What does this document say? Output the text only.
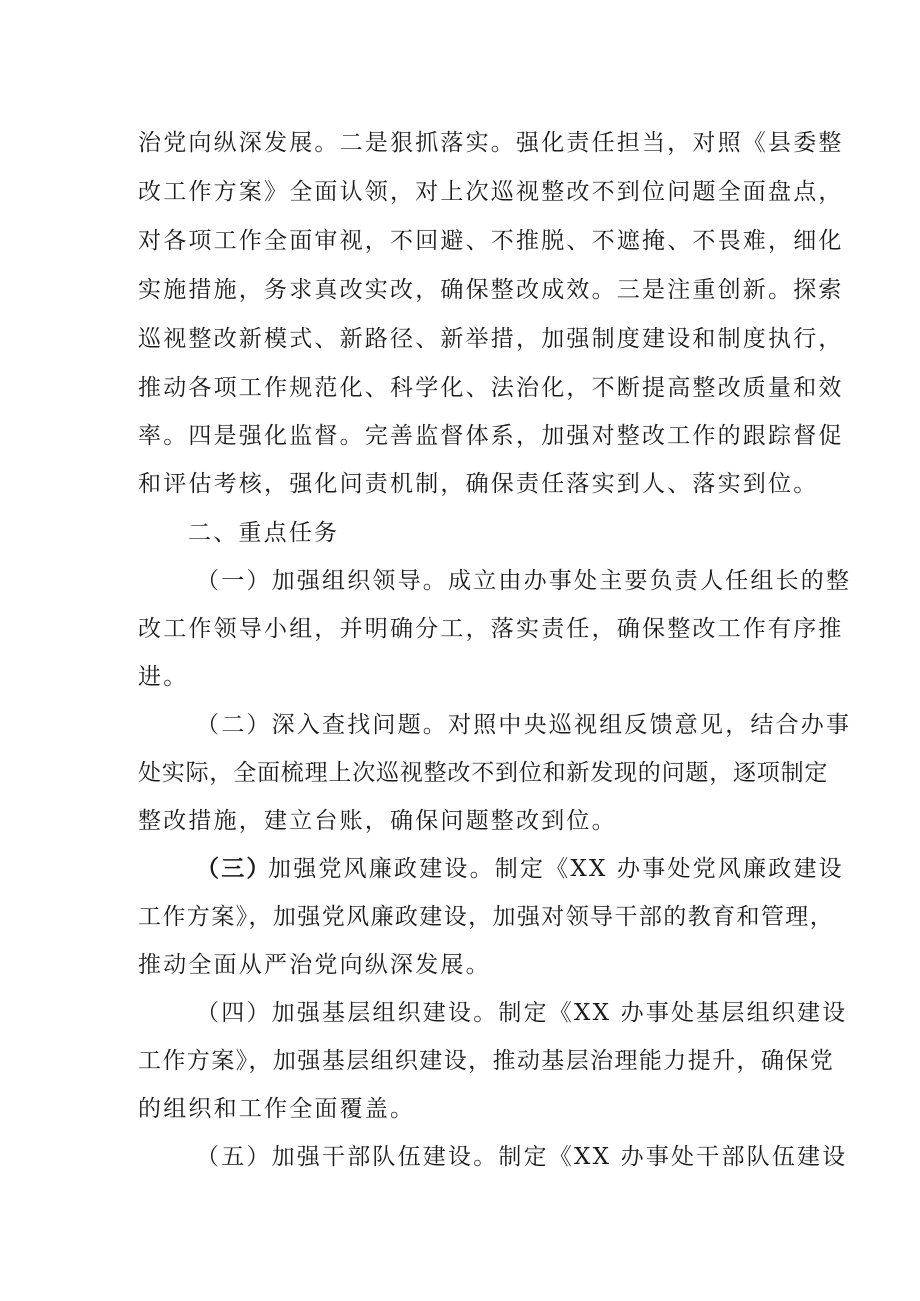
治党向纵深发展。二是狠抓落实。强化责任担当，对照《县委整
改工作方案》全面认领，对上次巡视整改不到位问题全面盘点，
对各项工作全面审视，不回避、不推脱、不遮掩、不畏难，细化
实施措施，务求真改实改，确保整改成效。三是注重创新。探索
巡视整改新模式、新路径、新举措，加强制度建设和制度执行，
推动各项工作规范化、科学化、法治化，不断提高整改质量和效
率。四是强化监督。完善监督体系，加强对整改工作的跟踪督促
和评估考核，强化问责机制，确保责任落实到人、落实到位。
二、重点任务
（一）加强组织领导。成立由办事处主要负责人任组长的整
改工作领导小组，并明确分工，落实责任，确保整改工作有序推
进。
（二）深入查找问题。对照中央巡视组反馈意见，结合办事
处实际，全面梳理上次巡视整改不到位和新发现的问题，逐项制定
整改措施，建立台账，确保问题整改到位。
（三）
加强党风廉政建设。制定《XX 办事处党风廉政建设
工作方案》，加强党风廉政建设，加强对领导干部的教育和管理，
推动全面从严治党向纵深发展。
（四）加强基层组织建设。制定《XX 办事处基层组织建设
工作方案》，加强基层组织建设，推动基层治理能力提升，确保党
的组织和工作全面覆盖。
（五）加强干部队伍建设。制定《XX 办事处干部队伍建设
